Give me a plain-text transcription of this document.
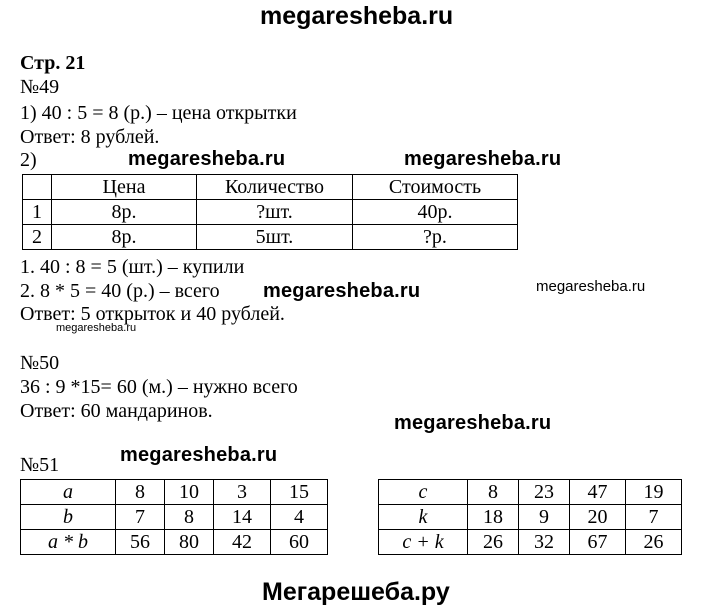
megaresheba.ru
megaresheba.ru	megaresheba.ru
megaresheba.ru	megaresheba.ru
megaresheba.ru
megaresheba.ru
megaresheba.ru
Мегарешеба.ру
Стр. 21
№49
1) 40 : 5 = 8 (р.) – цена открытки
Ответ: 8 рублей.
2)
	Цена	Количество	Стоимость
1	8р.	?шт.	40р.
2	8р.	5шт.	?р.
1. 40 : 8 = 5 (шт.) – купили
2. 8 * 5 = 40 (р.) – всего
Ответ: 5 открыток и 40 рублей.
№50
36 : 9 *15= 60 (м.) – нужно всего
Ответ: 60 мандаринов.
№51
a	8	10	3	15
b	7	8	14	4
a * b	56	80	42	60
c	8	23	47	19
k	18	9	20	7
c + k	26	32	67	26
